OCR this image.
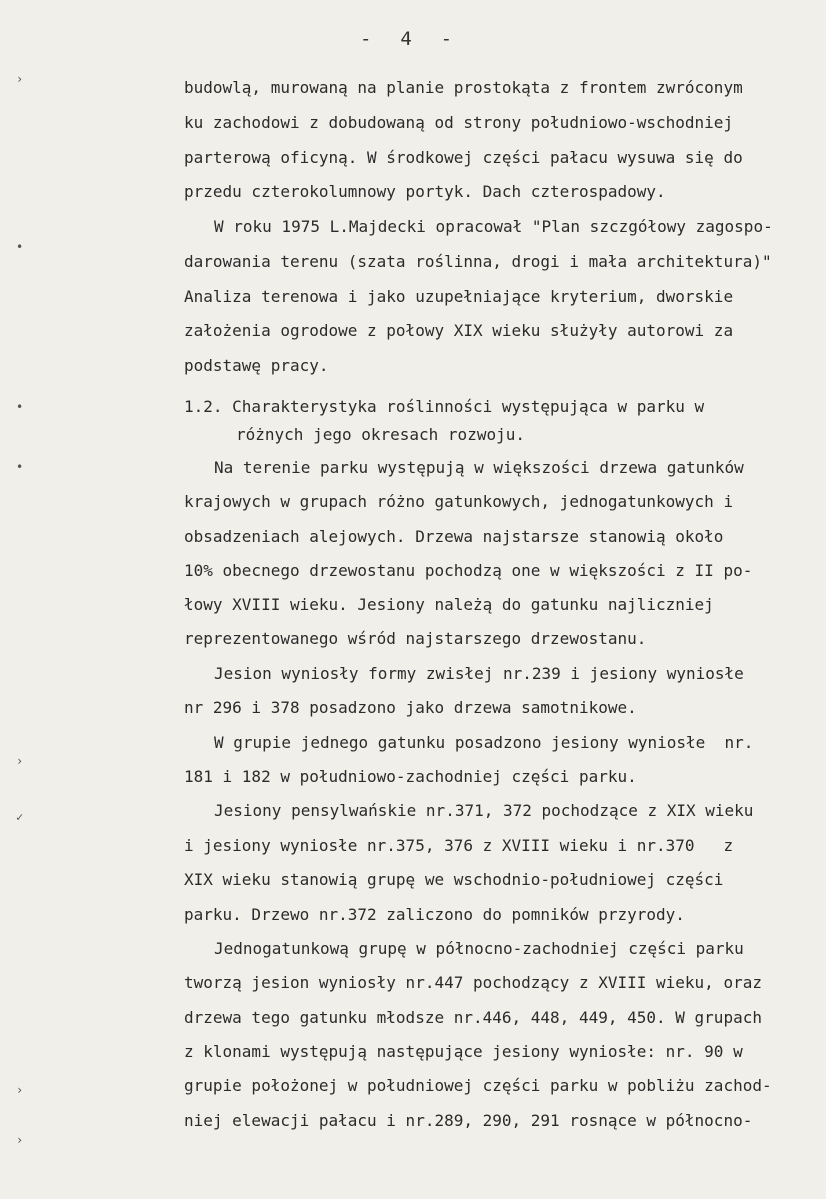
-  4  -
›
•
•
•
›
✓
›
›
budowlą, murowaną na planie prostokąta z frontem zwróconym
ku zachodowi z dobudowaną od strony południowo-wschodniej
parterową oficyną. W środkowej części pałacu wysuwa się do
przedu czterokolumnowy portyk. Dach czterospadowy.
W roku 1975 L.Majdecki opracował "Plan szczgółowy zagospo-
darowania terenu (szata roślinna, drogi i mała architektura)"
Analiza terenowa i jako uzupełniające kryterium, dworskie
założenia ogrodowe z połowy XIX wieku służyły autorowi za
podstawę pracy.
1.2. Charakterystyka roślinności występująca w parku w
różnych jego okresach rozwoju.
Na terenie parku występują w większości drzewa gatunków
krajowych w grupach różno gatunkowych, jednogatunkowych i
obsadzeniach alejowych. Drzewa najstarsze stanowią około
10% obecnego drzewostanu pochodzą one w większości z II po-
łowy XVIII wieku. Jesiony należą do gatunku najliczniej
reprezentowanego wśród najstarszego drzewostanu.
Jesion wyniosły formy zwisłej nr.239 i jesiony wyniosłe
nr 296 i 378 posadzono jako drzewa samotnikowe.
W grupie jednego gatunku posadzono jesiony wyniosłe  nr.
181 i 182 w południowo-zachodniej części parku.
Jesiony pensylwańskie nr.371, 372 pochodzące z XIX wieku
i jesiony wyniosłe nr.375, 376 z XVIII wieku i nr.370   z
XIX wieku stanowią grupę we wschodnio-południowej części
parku. Drzewo nr.372 zaliczono do pomników przyrody.
Jednogatunkową grupę w północno-zachodniej części parku
tworzą jesion wyniosły nr.447 pochodzący z XVIII wieku, oraz
drzewa tego gatunku młodsze nr.446, 448, 449, 450. W grupach
z klonami występują następujące jesiony wyniosłe: nr. 90 w
grupie położonej w południowej części parku w pobliżu zachod-
niej elewacji pałacu i nr.289, 290, 291 rosnące w północno-
